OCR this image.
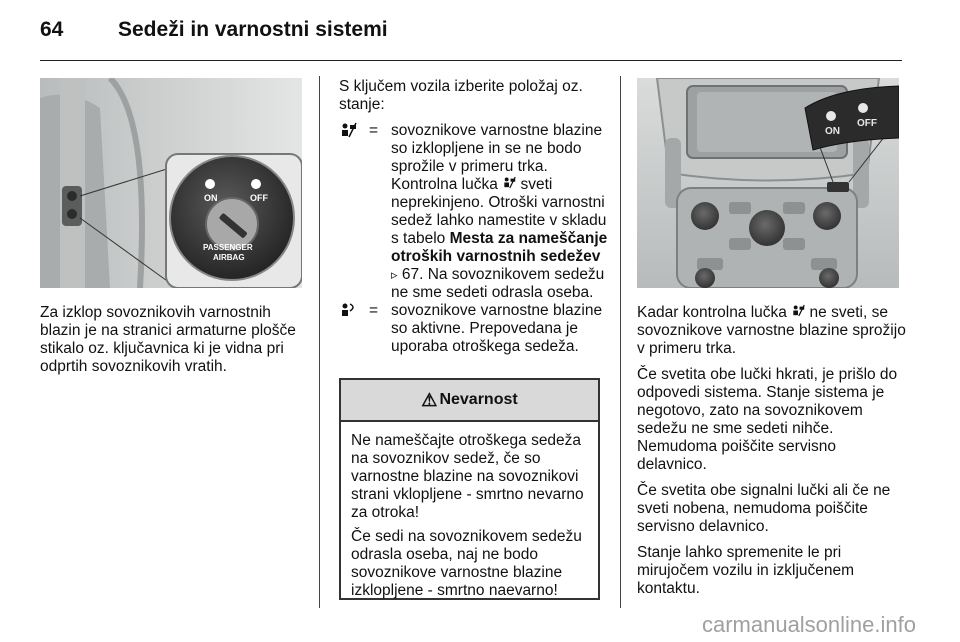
64	Sedeži in varnostni sistemi
ON	OFF
PASSENGER
AIRBAG

Za izklop sovoznikovih varnostnih blazin je na stranici armaturne plošče stikalo oz. ključavnica ki je vidna pri odprtih sovoznikovih vratih.

S ključem vozila izberite položaj oz. stanje:

= sovoznikove varnostne blazine so izklopljene in se ne bodo sprožile v primeru trka. Kontrolna lučka  sveti neprekinjeno. Otroški varnostni sedež lahko namestite v skladu s tabelo Mesta za nameščanje otroških varnostnih sedežev
▹ 67. Na sovoznikovem sedežu ne sme sedeti odrasla oseba.
= sovoznikove varnostne blazine so aktivne. Prepovedana je uporaba otroškega sedeža.
⚠ Nevarnost

Ne nameščajte otroškega sedeža na sovoznikov sedež, če so varnostne blazine na sovoznikovi strani vklopljene - smrtno nevarno za otroka!

Če sedi na sovoznikovem sedežu odrasla oseba, naj ne bodo sovoznikove varnostne blazine izklopljene - smrtno naevarno!

ON
OFF

Kadar kontrolna lučka  ne sveti, se sovoznikove varnostne blazine sprožijo v primeru trka.

Če svetita obe lučki hkrati, je prišlo do odpovedi sistema. Stanje sistema je negotovo, zato na sovoznikovem sedežu ne sme sedeti nihče. Nemudoma poiščite servisno delavnico.

Če svetita obe signalni lučki ali če ne sveti nobena, nemudoma poiščite servisno delavnico.

Stanje lahko spremenite le pri mirujočem vozilu in izključenem kontaktu.

carmanualsonline.info
